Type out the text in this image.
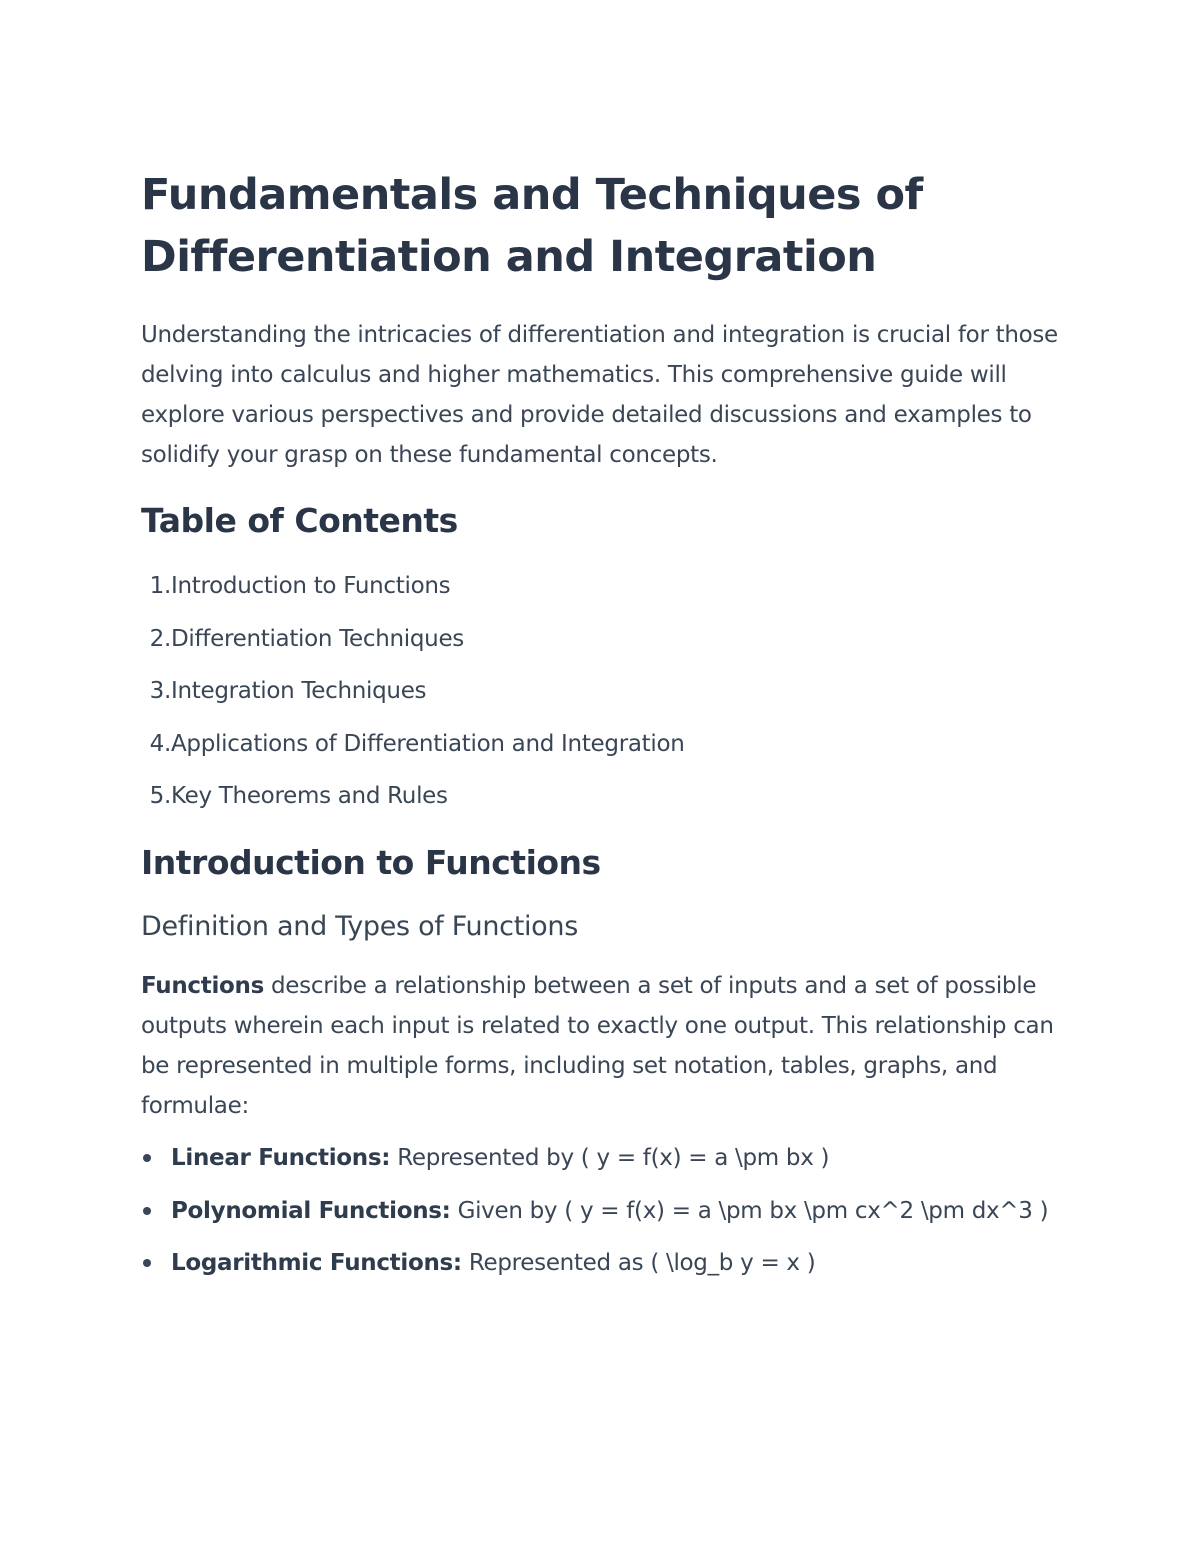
Fundamentals and Techniques of Differentiation and Integration

Understanding the intricacies of differentiation and integration is crucial for those delving into calculus and higher mathematics. This comprehensive guide will explore various perspectives and provide detailed discussions and examples to solidify your grasp on these fundamental concepts.

Table of Contents
1. Introduction to Functions
2. Differentiation Techniques
3. Integration Techniques
4. Applications of Differentiation and Integration
5. Key Theorems and Rules
Introduction to Functions
Definition and Types of Functions

Functions describe a relationship between a set of inputs and a set of possible outputs wherein each input is related to exactly one output. This relationship can be represented in multiple forms, including set notation, tables, graphs, and formulae:

Linear Functions: Represented by ( y = f(x) = a \pm bx )
Polynomial Functions: Given by ( y = f(x) = a \pm bx \pm cx^2 \pm dx^3 )
Logarithmic Functions: Represented as ( \log_b y = x )
